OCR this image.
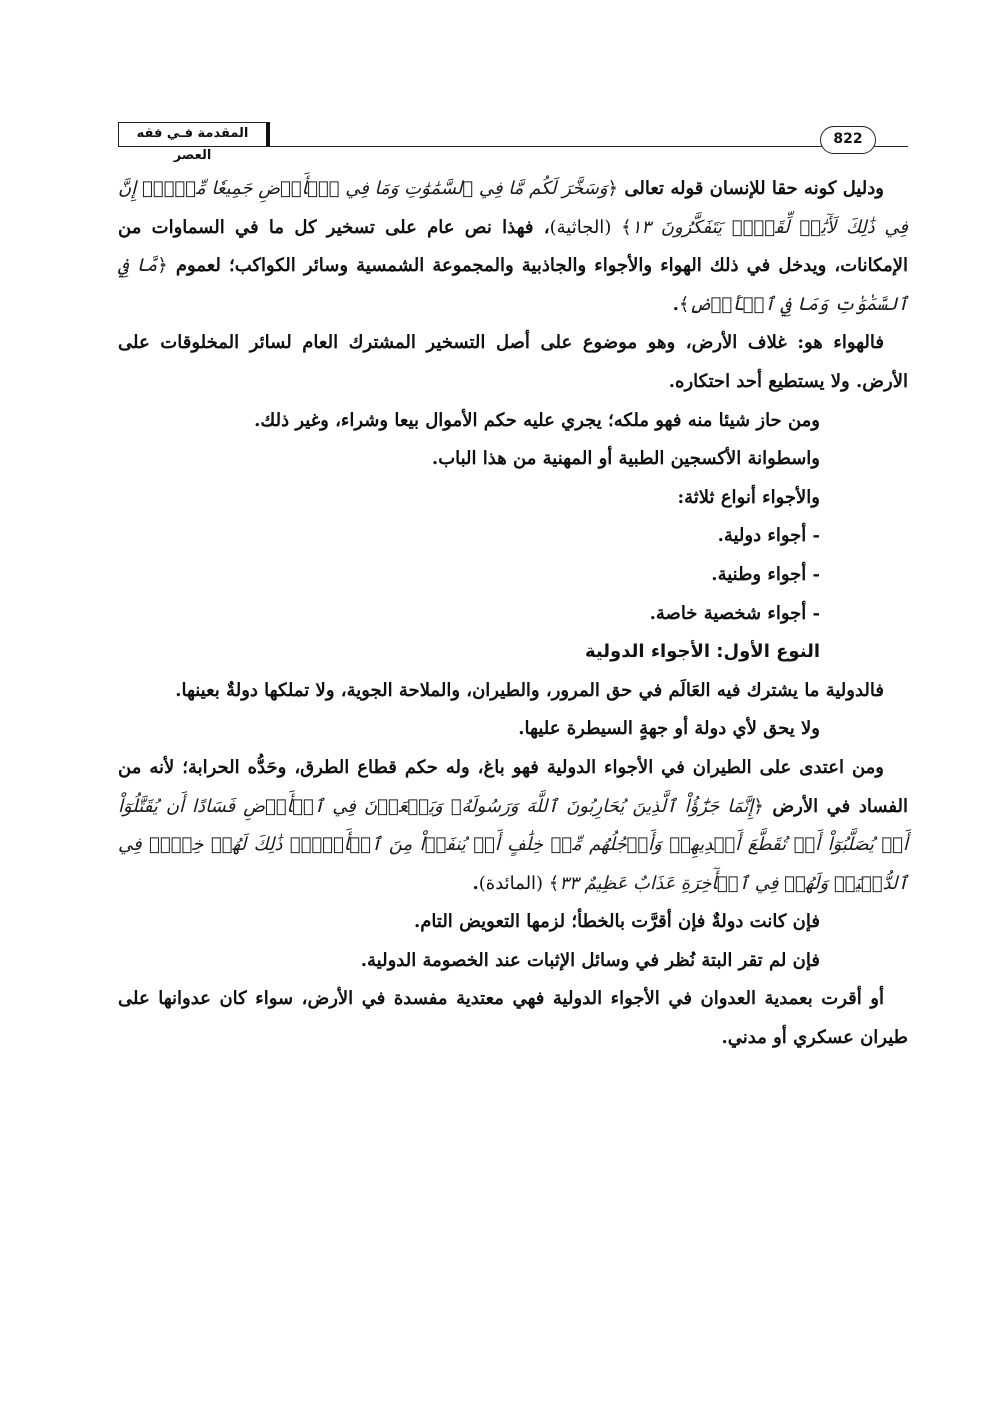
المقدمة فـي فقه العصر
822

ودليل كونه حقا للإنسان قوله تعالى ﴿وَسَخَّرَ لَكُم مَّا فِي ٱلسَّمَٰوَٰتِ وَمَا فِي ٱلۡأَرۡضِ جَمِيعٗا مِّنۡهُۚ إِنَّ فِي ذَٰلِكَ لَأٓيَٰتٖ لِّقَوۡمٖ يَتَفَكَّرُونَ ١٣﴾ (الجاثية)، فهذا نص عام على تسخير كل ما في السماوات من الإمكانات، ويدخل في ذلك الهواء والأجواء والجاذبية والمجموعة الشمسية وسائر الكواكب؛ لعموم ﴿مَّا فِي ٱلسَّمَٰوَٰتِ وَمَا فِي ٱلۡأَرۡضِ﴾.

فالهواء هو: غلاف الأرض، وهو موضوع على أصل التسخير المشترك العام لسائر المخلوقات على الأرض. ولا يستطيع أحد احتكاره.

ومن حاز شيئا منه فهو ملكه؛ يجري عليه حكم الأموال بيعا وشراء، وغير ذلك.

واسطوانة الأكسجين الطبية أو المهنية من هذا الباب.

والأجواء أنواع ثلاثة:

- أجواء دولية.

- أجواء وطنية.

- أجواء شخصية خاصة.

النوع الأول: الأجواء الدولية

فالدولية ما يشترك فيه العَالَم في حق المرور، والطيران، والملاحة الجوية، ولا تملكها دولةٌ بعينها.

ولا يحق لأي دولة أو جهةٍ السيطرة عليها.

ومن اعتدى على الطيران في الأجواء الدولية فهو باغ، وله حكم قطاع الطرق، وحَدُّه الحرابة؛ لأنه من الفساد في الأرض ﴿إِنَّمَا جَزَٰٓؤُاْ ٱلَّذِينَ يُحَارِبُونَ ٱللَّهَ وَرَسُولَهُۥ وَيَسۡعَوۡنَ فِي ٱلۡأَرۡضِ فَسَادًا أَن يُقَتَّلُوٓاْ أَوۡ يُصَلَّبُوٓاْ أَوۡ تُقَطَّعَ أَيۡدِيهِمۡ وَأَرۡجُلُهُم مِّنۡ خِلَٰفٍ أَوۡ يُنفَوۡاْ مِنَ ٱلۡأَرۡضِۚ ذَٰلِكَ لَهُمۡ خِزۡيٞ فِي ٱلدُّنۡيَاۖ وَلَهُمۡ فِي ٱلۡأٓخِرَةِ عَذَابٌ عَظِيمٌ ٣٣﴾ (المائدة).

فإن كانت دولةٌ فإن أقرَّت بالخطأ؛ لزمها التعويض التام.

فإن لم تقر البتة نُظر في وسائل الإثبات عند الخصومة الدولية.

أو أقرت بعمدية العدوان في الأجواء الدولية فهي معتدية مفسدة في الأرض، سواء كان عدوانها على طيران عسكري أو مدني.
